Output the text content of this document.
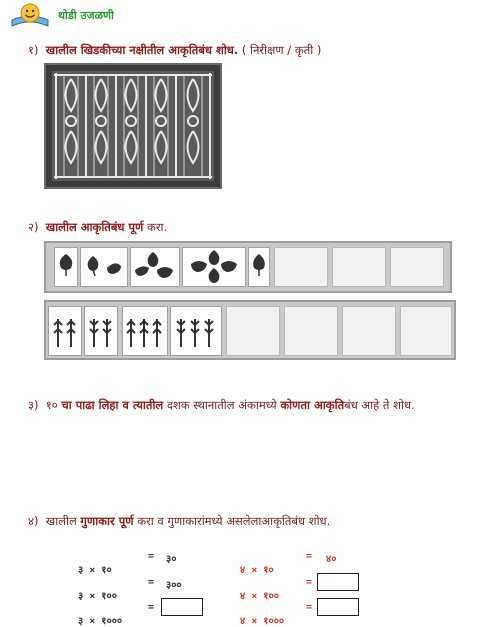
थोडी उजळणी
१) खालील खिडकीच्या नक्षीतील आकृतिबंध शोध. ( निरीक्षण / कृती )
२) खालील आकृतिबंध पूर्ण करा.
३) १० चा पाढा लिहा व त्यातील दशक स्थानातील अंकामध्ये कोणता आकृतिबंध आहे ते शोध.
४) खालील गुणाकार पूर्ण करा व गुणाकारांमध्ये असलेलाआकृतिबंध शोध.

३ × १०

= ३०

३ × १००

= ३००

३ × १०००

=

४ × १०

= ४०

४ × १००

=

४ × १०००

=
